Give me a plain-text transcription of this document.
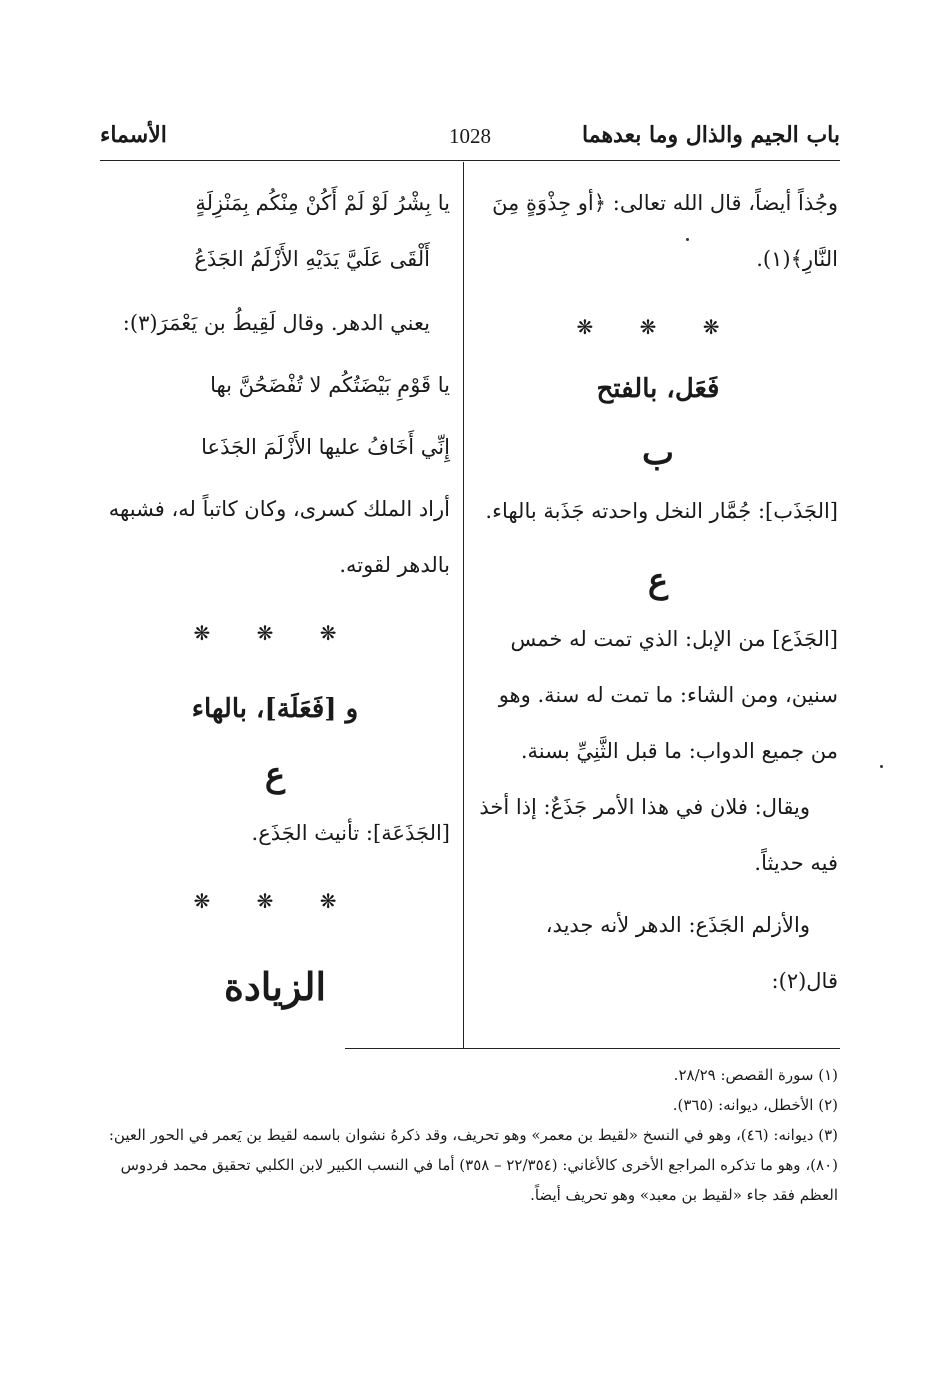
باب الجيم والذال وما بعدهما
1028
الأسماء

وجُذاً أيضاً، قال الله تعالى: ﴿أو جِذْوَةٍ مِنَ النَّارِ﴾(١).

❋ ❋ ❋
فَعَل، بالفتح
ب

[الجَذَب]: جُمَّار النخل واحدته جَذَبة بالهاء.

ع

[الجَذَع] من الإبل: الذي تمت له خمس سنين، ومن الشاء: ما تمت له سنة. وهو من جميع الدواب: ما قبل الثَّنِيِّ بسنة.

ويقال: فلان في هذا الأمر جَذَعٌ: إذا أخذ فيه حديثاً.

والأزلم الجَذَع: الدهر لأنه جديد، قال(٢):

يا بِشْرُ لَوْ لَمْ أَكُنْ مِنْكُم بِمَنْزِلَةٍ

أَلْقَى عَلَيَّ يَدَيْهِ الأَزْلَمُ الجَذَعُ

يعني الدهر. وقال لَقِيطُ بن يَعْمَرَ(٣):

يا قَوْمِ بَيْضَتُكُم لا تُفْضَحُنَّ بها

إِنِّي أَخَافُ عليها الأَزْلَمَ الجَذَعا

أراد الملك كسرى، وكان كاتباً له، فشبهه بالدهر لقوته.

❋ ❋ ❋
و [فَعَلَة]، بالهاء
ع

[الجَذَعَة]: تأنيث الجَذَع.

❋ ❋ ❋
الزيادة

(١) سورة القصص: ٢٨/٢٩.

(٢) الأخطل، ديوانه: (٣٦٥).

(٣) ديوانه: (٤٦)، وهو في النسخ «لقيط بن معمر» وهو تحريف، وقد ذكرهُ نشوان باسمه لقيط بن يَعمر في الحور العين: (٨٠)، وهو ما تذكره المراجع الأخرى كالأغاني: (٢٢/٣٥٤ – ٣٥٨) أما في النسب الكبير لابن الكلبي تحقيق محمد فردوس العظم فقد جاء «لقيط بن معبد» وهو تحريف أيضاً.
